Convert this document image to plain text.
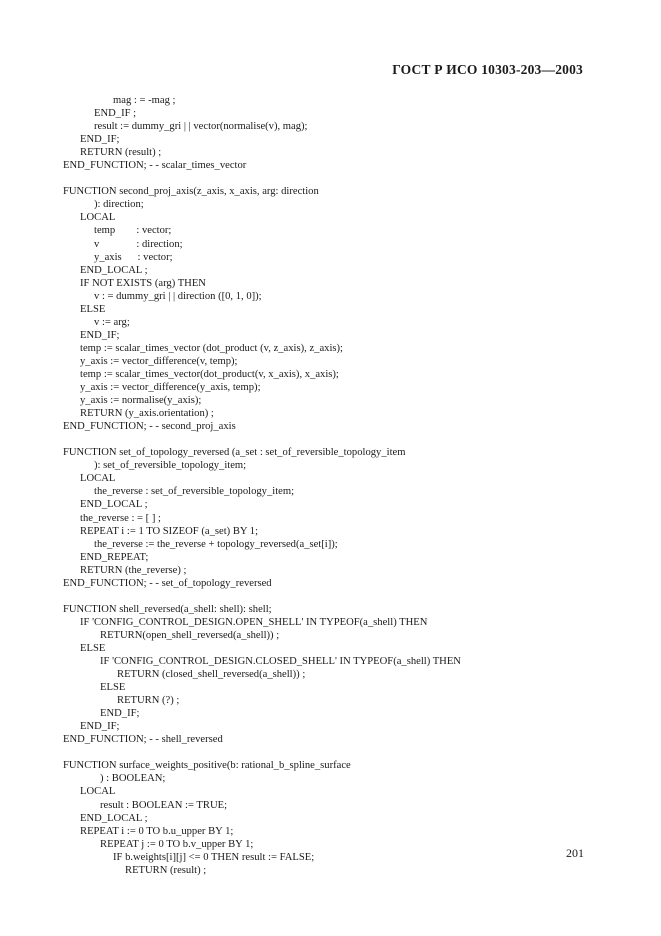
ГОСТ Р ИСО 10303-203—2003
mag : = -mag ;
END_IF ;
result := dummy_gri | | vector(normalise(v), mag);
END_IF;
RETURN (result) ;
END_FUNCTION; - - scalar_times_vector
FUNCTION second_proj_axis(z_axis, x_axis, arg: direction
): direction;
LOCAL
temp        : vector;
v              : direction;
y_axis      : vector;
END_LOCAL ;
IF NOT EXISTS (arg) THEN
v : = dummy_gri | | direction ([0, 1, 0]);
ELSE
v := arg;
END_IF;
temp := scalar_times_vector (dot_product (v, z_axis), z_axis);
y_axis := vector_difference(v, temp);
temp := scalar_times_vector(dot_product(v, x_axis), x_axis);
y_axis := vector_difference(y_axis, temp);
y_axis := normalise(y_axis);
RETURN (y_axis.orientation) ;
END_FUNCTION; - - second_proj_axis
FUNCTION set_of_topology_reversed (a_set : set_of_reversible_topology_item
): set_of_reversible_topology_item;
LOCAL
the_reverse : set_of_reversible_topology_item;
END_LOCAL ;
the_reverse : = [ ] ;
REPEAT i := 1 TO SIZEOF (a_set) BY 1;
the_reverse := the_reverse + topology_reversed(a_set[i]);
END_REPEAT;
RETURN (the_reverse) ;
END_FUNCTION; - - set_of_topology_reversed
FUNCTION shell_reversed(a_shell: shell): shell;
IF 'CONFIG_CONTROL_DESIGN.OPEN_SHELL' IN TYPEOF(a_shell) THEN
RETURN(open_shell_reversed(a_shell)) ;
ELSE
IF 'CONFIG_CONTROL_DESIGN.CLOSED_SHELL' IN TYPEOF(a_shell) THEN
RETURN (closed_shell_reversed(a_shell)) ;
ELSE
RETURN (?) ;
END_IF;
END_IF;
END_FUNCTION; - - shell_reversed
FUNCTION surface_weights_positive(b: rational_b_spline_surface
) : BOOLEAN;
LOCAL
result : BOOLEAN := TRUE;
END_LOCAL ;
REPEAT i := 0 TO b.u_upper BY 1;
REPEAT j := 0 TO b.v_upper BY 1;
IF b.weights[i][j] <= 0 THEN result := FALSE;
RETURN (result) ;
201
